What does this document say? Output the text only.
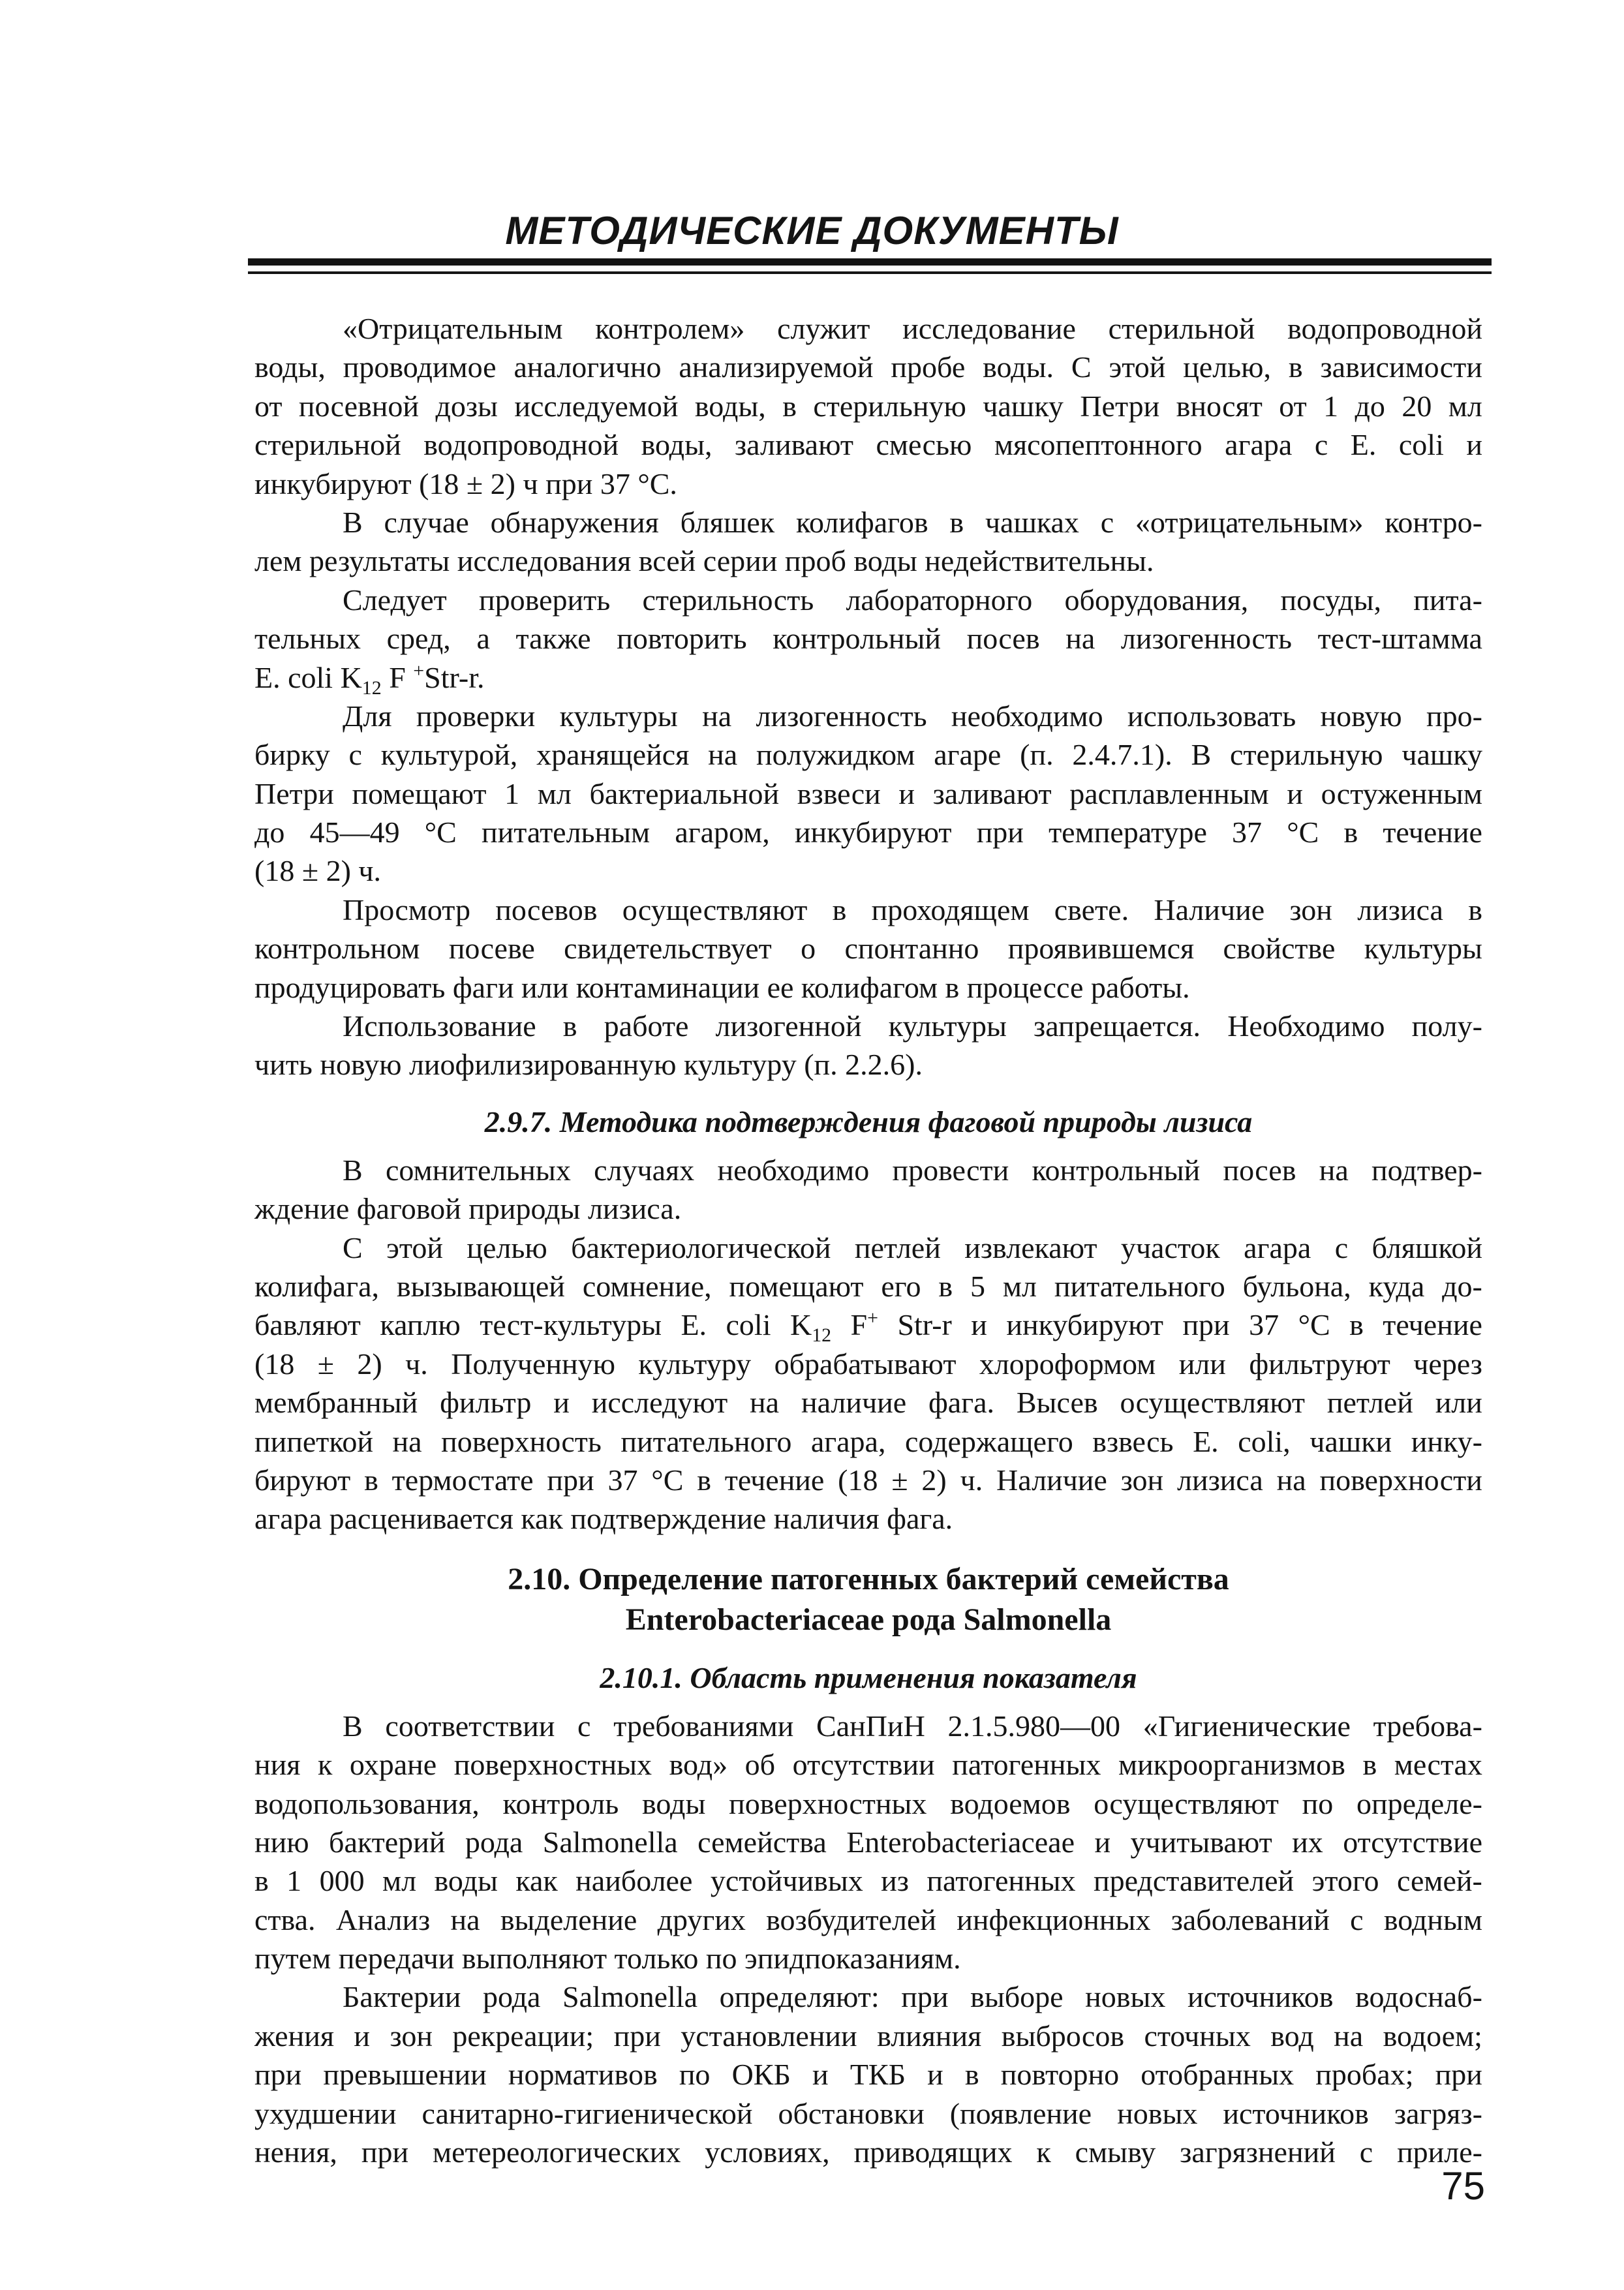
МЕТОДИЧЕСКИЕ ДОКУМЕНТЫ
«Отрицательным контролем» служит исследование стерильной водопроводной
воды, проводимое аналогично анализируемой пробе воды. С этой целью, в зависимости
от посевной дозы исследуемой воды, в стерильную чашку Петри вносят от 1 до 20 мл
стерильной водопроводной воды, заливают смесью мясопептонного агара с E. coli и
инкубируют (18 ± 2) ч при 37 °С.
В случае обнаружения бляшек колифагов в чашках с «отрицательным» контро-
лем результаты исследования всей серии проб воды недействительны.
Следует проверить стерильность лабораторного оборудования, посуды, пита-
тельных сред, а также повторить контрольный посев на лизогенность тест-штамма
E. coli $K_{12}$ F +Str-r.
Для проверки культуры на лизогенность необходимо использовать новую про-
бирку с культурой, хранящейся на полужидком агаре (п. 2.4.7.1). В стерильную чашку
Петри помещают 1 мл бактериальной взвеси и заливают расплавленным и остуженным
до 45—49 °С питательным агаром, инкубируют при температуре 37 °С в течение
(18 ± 2) ч.
Просмотр посевов осуществляют в проходящем свете. Наличие зон лизиса в
контрольном посеве свидетельствует о спонтанно проявившемся свойстве культуры
продуцировать фаги или контаминации ее колифагом в процессе работы.
Использование в работе лизогенной культуры запрещается. Необходимо полу-
чить новую лиофилизированную культуру (п. 2.2.6).
2.9.7. Методика подтверждения фаговой природы лизиса
В сомнительных случаях необходимо провести контрольный посев на подтвер-
ждение фаговой природы лизиса.
С этой целью бактериологической петлей извлекают участок агара с бляшкой
колифага, вызывающей сомнение, помещают его в 5 мл питательного бульона, куда до-
бавляют каплю тест-культуры E. coli $K_{12}$ F+ Str-r и инкубируют при 37 °С в течение
(18 ± 2) ч. Полученную культуру обрабатывают хлороформом или фильтруют через
мембранный фильтр и исследуют на наличие фага. Высев осуществляют петлей или
пипеткой на поверхность питательного агара, содержащего взвесь E. coli, чашки инку-
бируют в термостате при 37 °С в течение (18 ± 2) ч. Наличие зон лизиса на поверхности
агара расценивается как подтверждение наличия фага.
2.10. Определение патогенных бактерий семейства
Enterobacteriaceae рода Salmonella
2.10.1. Область применения показателя
В соответствии с требованиями СанПиН 2.1.5.980—00 «Гигиенические требова-
ния к охране поверхностных вод» об отсутствии патогенных микроорганизмов в местах
водопользования, контроль воды поверхностных водоемов осуществляют по определе-
нию бактерий рода Salmonella семейства Enterobacteriaceae и учитывают их отсутствие
в 1 000 мл воды как наиболее устойчивых из патогенных представителей этого семей-
ства. Анализ на выделение других возбудителей инфекционных заболеваний с водным
путем передачи выполняют только по эпидпоказаниям.
Бактерии рода Salmonella определяют: при выборе новых источников водоснаб-
жения и зон рекреации; при установлении влияния выбросов сточных вод на водоем;
при превышении нормативов по ОКБ и ТКБ и в повторно отобранных пробах; при
ухудшении санитарно-гигиенической обстановки (появление новых источников загряз-
нения, при метереологических условиях, приводящих к смыву загрязнений с приле-
75
